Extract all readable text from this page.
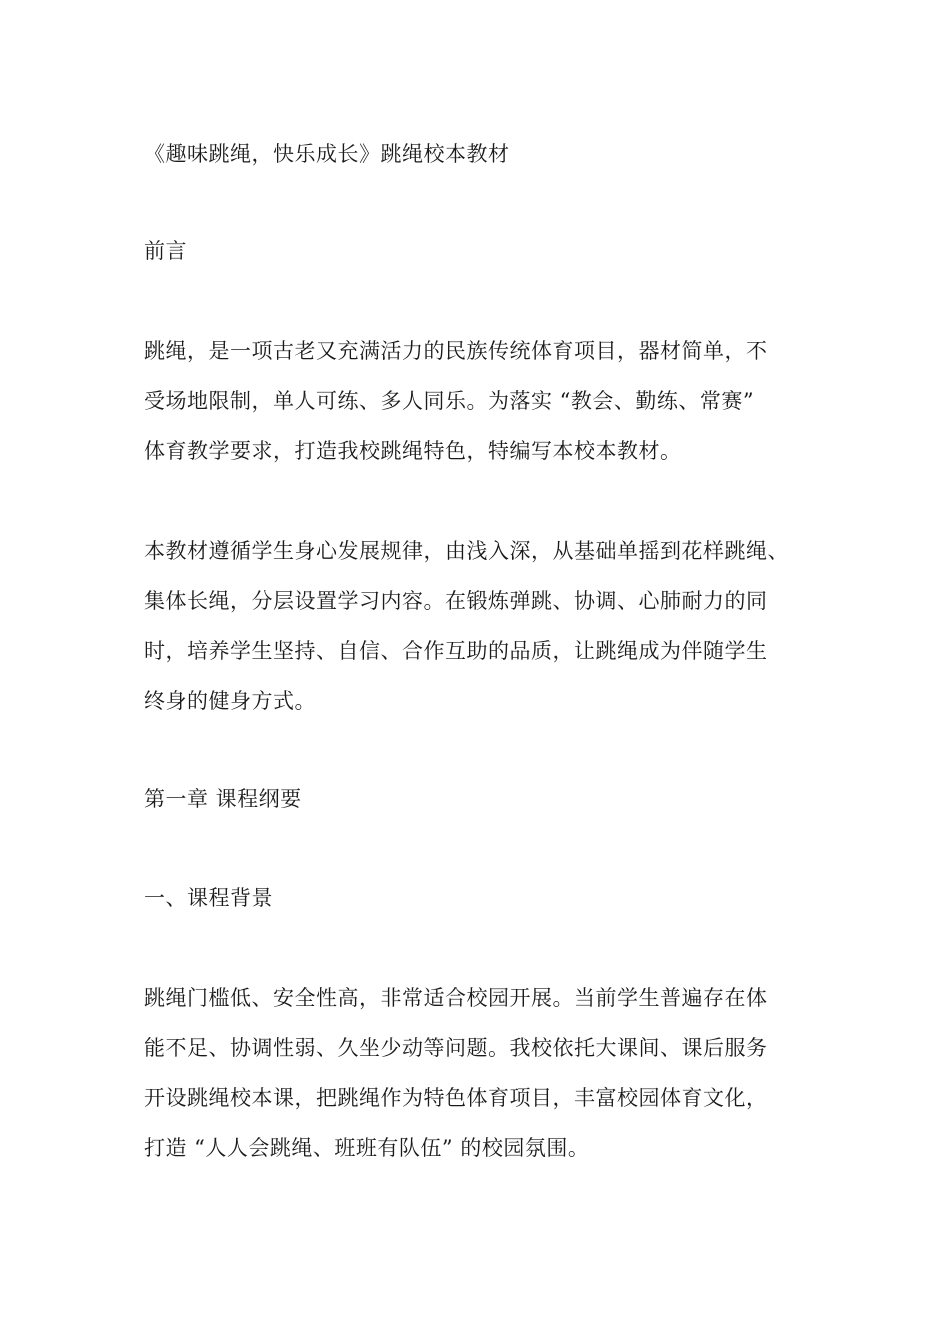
《趣味跳绳，快乐成长》跳绳校本教材
前言
跳绳，是一项古老又充满活力的民族传统体育项目，器材简单，不
受场地限制，单人可练、多人同乐。为落实 “教会、勤练、常赛”
体育教学要求，打造我校跳绳特色，特编写本校本教材。
本教材遵循学生身心发展规律，由浅入深，从基础单摇到花样跳绳、
集体长绳，分层设置学习内容。在锻炼弹跳、协调、心肺耐力的同
时，培养学生坚持、自信、合作互助的品质，让跳绳成为伴随学生
终身的健身方式。
第一章 课程纲要
一、课程背景
跳绳门槛低、安全性高，非常适合校园开展。当前学生普遍存在体
能不足、协调性弱、久坐少动等问题。我校依托大课间、课后服务
开设跳绳校本课，把跳绳作为特色体育项目，丰富校园体育文化，
打造 “人人会跳绳、班班有队伍” 的校园氛围。
